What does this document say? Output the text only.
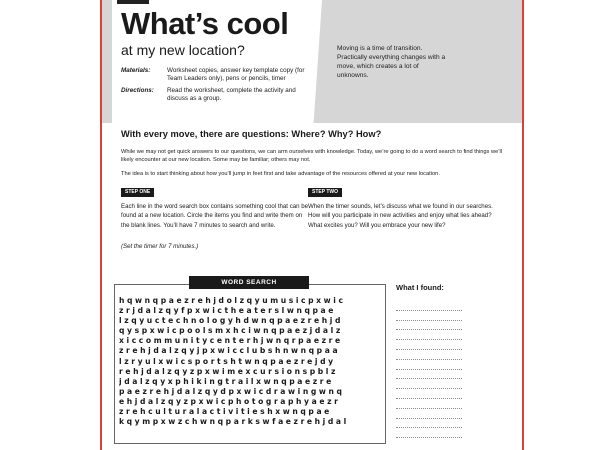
What’s cool
at my new location?
Materials:	Worksheet copies, answer key template copy (for Team Leaders only), pens or pencils, timer
Directions: Read the worksheet, complete the activity and discuss as a group.
Moving is a time of transition. Practically everything changes with a move, which creates a lot of unknowns.
With every move, there are questions: Where? Why? How?

While we may not get quick answers to our questions, we can arm ourselves with knowledge. Today, we’re going to do a word search to find things we’ll likely encounter at our new location. Some may be familiar; others may not.

The idea is to start thinking about how you’ll jump in feet first and take advantage of the resources offered at your new location.

STEP ONE
Each line in the word search box contains something cool that can be found at a new location. Circle the items you find and write them on the blank lines. You’ll have 7 minutes to search and write.
(Set the timer for 7 minutes.)
STEP TWO
When the timer sounds, let’s discuss what we found in our searches. How will you participate in new activities and enjoy what lies ahead? What excites you? Will you embrace your new life?
WORD SEARCH
hqwnqpaezrehjdolzqyumusicpxwic
zrjdalzqyfpxwictheaterslwnqpae
lzqyuctechnologyhdwnqpaezrehjd
qyspxwicpoolsmxhciwnqpaezjdalz
xiccommunitycenterhjwnqrpaezre
zrehjdalzqyjpxwicclubshnwnqpaa
lzryulxwicsportshtwnqpaezrejdy
rehjdalzqyzpxwimexcursionspblz
jdalzqyxphikingtrailxwnqpaezre
paezrehjdalzqydpxwicdrawingwnq
ehjdalzqyzpxwicphotographyaezr
zrehculturalactivitieshxwnqpae
kqympxwzchwnqparkswfaezrehjdal
What I found:
